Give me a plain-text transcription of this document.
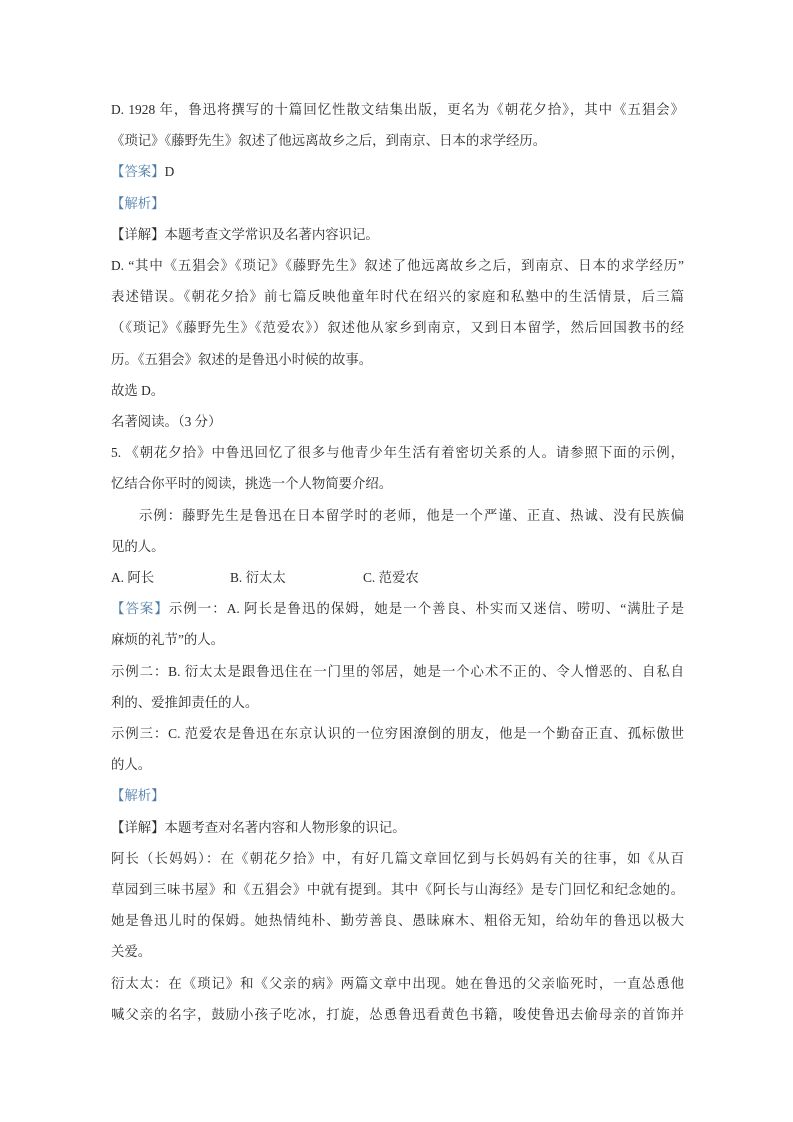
D. 1928 年，鲁迅将撰写的十篇回忆性散文结集出版，更名为《朝花夕拾》，其中《五猖会》
《琐记》《藤野先生》叙述了他远离故乡之后，到南京、日本的求学经历。
【答案】D
【解析】
【详解】本题考查文学常识及名著内容识记。
D. “其中《五猖会》《琐记》《藤野先生》叙述了他远离故乡之后，到南京、日本的求学经历”
表述错误。《朝花夕拾》前七篇反映他童年时代在绍兴的家庭和私塾中的生活情景，后三篇
（《琐记》《藤野先生》《范爱农》）叙述他从家乡到南京，又到日本留学，然后回国教书的经
历。《五猖会》叙述的是鲁迅小时候的故事。
故选 D。
名著阅读。（3 分）
5. 《朝花夕拾》中鲁迅回忆了很多与他青少年生活有着密切关系的人。请参照下面的示例，
忆结合你平时的阅读，挑选一个人物简要介绍。
示例：藤野先生是鲁迅在日本留学时的老师，他是一个严谨、正直、热诚、没有民族偏
见的人。
A. 阿长	B. 衍太太	C. 范爱农
【答案】示例一：A. 阿长是鲁迅的保姆，她是一个善良、朴实而又迷信、唠叨、“满肚子是
麻烦的礼节”的人。
示例二：B. 衍太太是跟鲁迅住在一门里的邻居，她是一个心术不正的、令人憎恶的、自私自
利的、爱推卸责任的人。
示例三：C. 范爱农是鲁迅在东京认识的一位穷困潦倒的朋友，他是一个勤奋正直、孤标傲世
的人。
【解析】
【详解】本题考查对名著内容和人物形象的识记。
阿长（长妈妈）：在《朝花夕拾》中，有好几篇文章回忆到与长妈妈有关的往事，如《从百
草园到三味书屋》和《五猖会》中就有提到。其中《阿长与山海经》是专门回忆和纪念她的。
她是鲁迅儿时的保姆。她热情纯朴、勤劳善良、愚昧麻木、粗俗无知，给幼年的鲁迅以极大
关爱。
衍太太：在《琐记》和《父亲的病》两篇文章中出现。她在鲁迅的父亲临死时，一直怂恿他
喊父亲的名字，鼓励小孩子吃冰，打旋，怂恿鲁迅看黄色书籍，唆使鲁迅去偷母亲的首饰并
